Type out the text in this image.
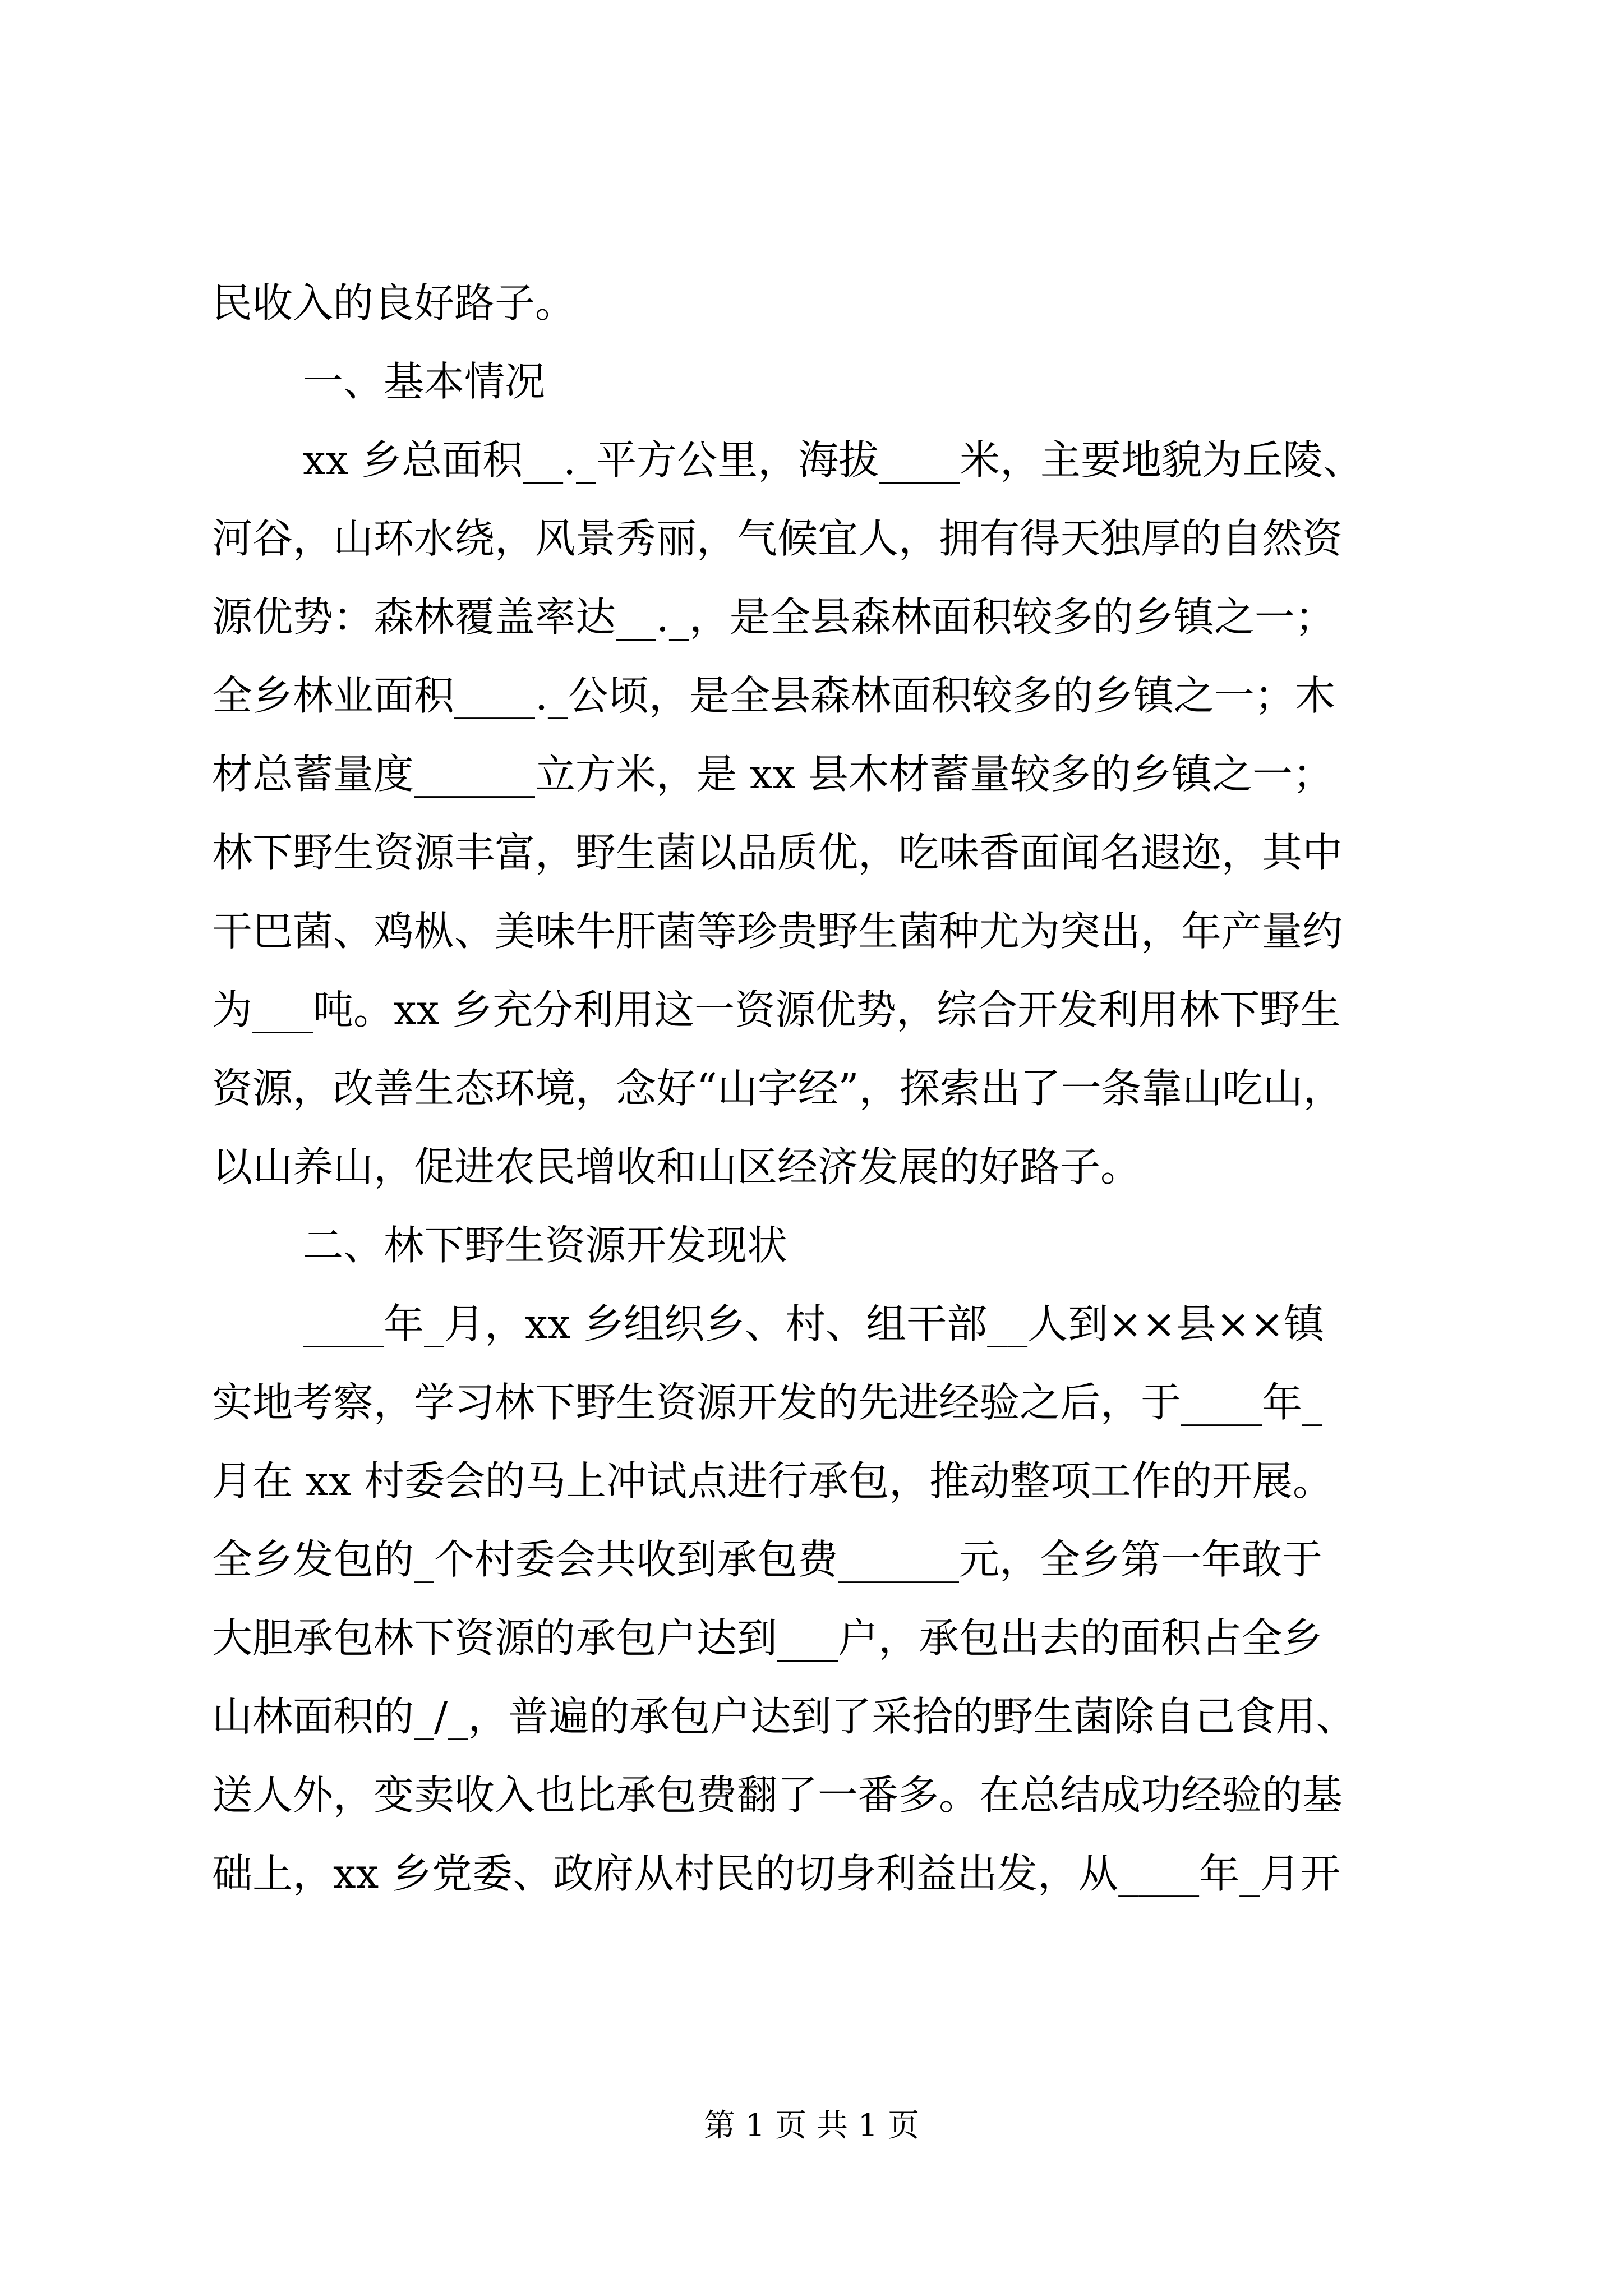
民收入的良好路子。
一、基本情况
xx 乡总面积__._平方公里，海拔____米，主要地貌为丘陵、
河谷，山环水绕，风景秀丽，气候宜人，拥有得天独厚的自然资
源优势：森林覆盖率达__._，是全县森林面积较多的乡镇之一；
全乡林业面积____._公顷，是全县森林面积较多的乡镇之一；木
材总蓄量度______立方米，是 xx 县木材蓄量较多的乡镇之一；
林下野生资源丰富，野生菌以品质优，吃味香面闻名遐迩，其中
干巴菌、鸡枞、美味牛肝菌等珍贵野生菌种尤为突出，年产量约
为___吨。xx 乡充分利用这一资源优势，综合开发利用林下野生
资源，改善生态环境，念好“山字经”，探索出了一条靠山吃山，
以山养山，促进农民增收和山区经济发展的好路子。
二、林下野生资源开发现状
____年_月，xx 乡组织乡、村、组干部__人到××县××镇
实地考察，学习林下野生资源开发的先进经验之后，于____年_
月在 xx 村委会的马上冲试点进行承包，推动整项工作的开展。
全乡发包的_个村委会共收到承包费______元，全乡第一年敢于
大胆承包林下资源的承包户达到___户，承包出去的面积占全乡
山林面积的_/_，普遍的承包户达到了采拾的野生菌除自己食用、
送人外，变卖收入也比承包费翻了一番多。在总结成功经验的基
础上，xx 乡党委、政府从村民的切身利益出发，从____年_月开
第 1 页 共 1 页
